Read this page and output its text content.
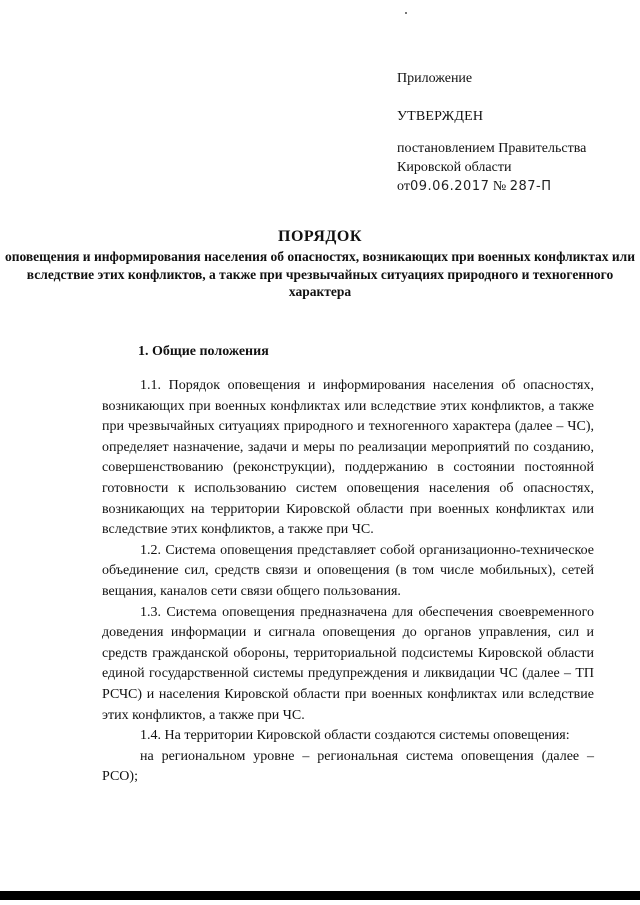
Приложение
УТВЕРЖДЕН
постановлением Правительства
Кировской области
от09.06.2017 № 287-П
ПОРЯДОК
оповещения и информирования населения об опасностях, возникающих при военных конфликтах или вследствие этих конфликтов, а также при чрезвычайных ситуациях природного и техногенного характера
1. Общие положения

1.1. Порядок оповещения и информирования населения об опасностях, возникающих при военных конфликтах или вследствие этих конфликтов, а также при чрезвычайных ситуациях природного и техногенного характера (далее – ЧС), определяет назначение, задачи и меры по реализации мероприятий по созданию, совершенствованию (реконструкции), поддержанию в состоянии постоянной готовности к использованию систем оповещения населения об опасностях, возникающих на территории Кировской области при военных конфликтах или вследствие этих конфликтов, а также при ЧС.

1.2. Система оповещения представляет собой организационно-техническое объединение сил, средств связи и оповещения (в том числе мобильных), сетей вещания, каналов сети связи общего пользования.

1.3. Система оповещения предназначена для обеспечения своевременного доведения информации и сигнала оповещения до органов управления, сил и средств гражданской обороны, территориальной подсистемы Кировской области единой государственной системы предупреждения и ликвидации ЧС (далее – ТП РСЧС) и населения Кировской области при военных конфликтах или вследствие этих конфликтов, а также при ЧС.

1.4. На территории Кировской области создаются системы оповещения:

на региональном уровне – региональная система оповещения (далее – РСО);
